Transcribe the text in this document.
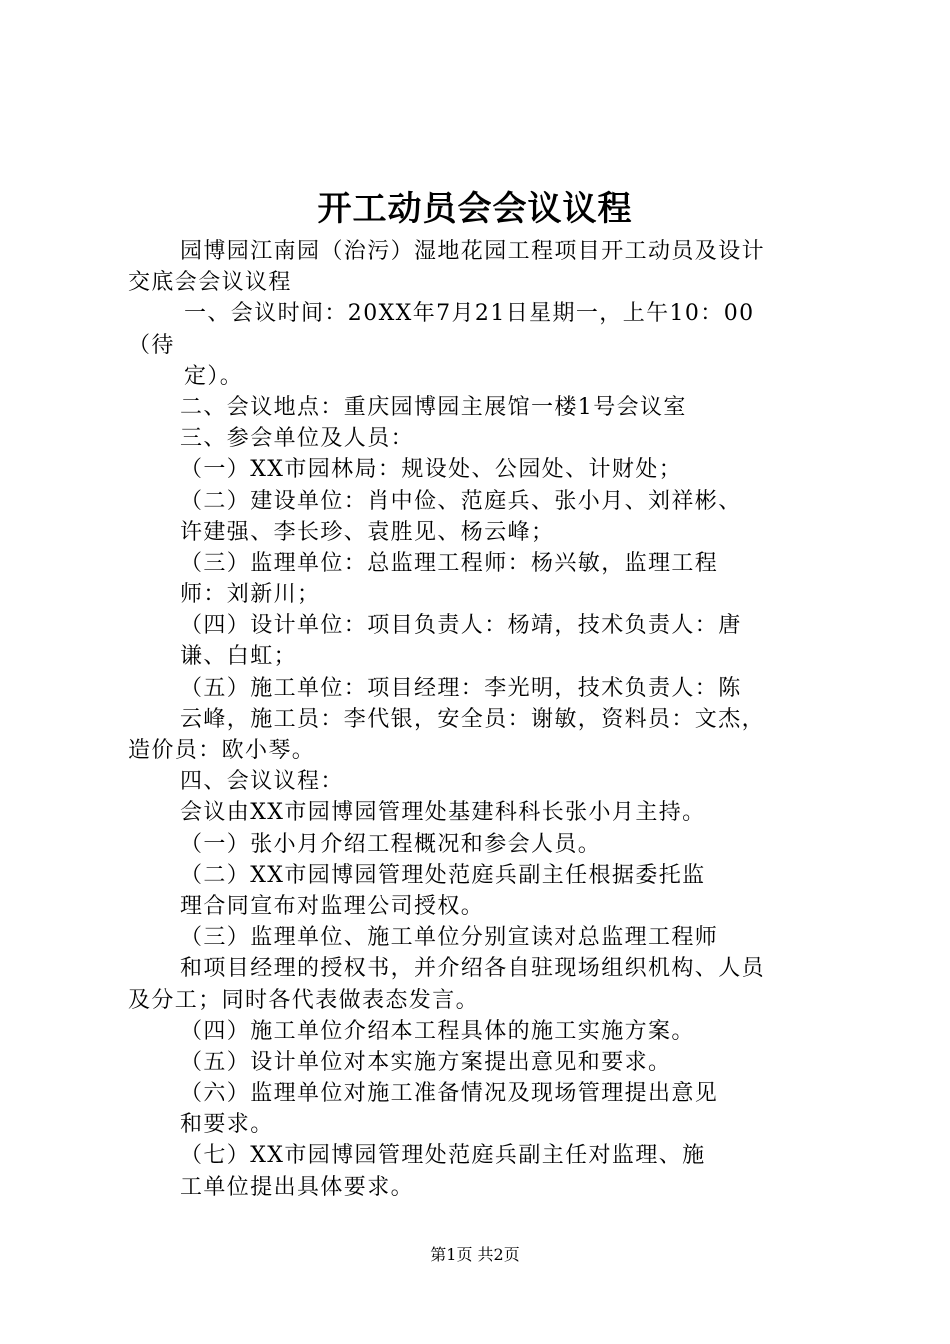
开工动员会会议议程
园博园江南园（治污）湿地花园工程项目开工动员及设计
交底会会议议程
一、会议时间：20XX年7月21日星期一，上午10：00
（待
定）。
二、会议地点：重庆园博园主展馆一楼1号会议室
三、参会单位及人员：
（一）XX市园林局：规设处、公园处、计财处；
（二）建设单位：肖中俭、范庭兵、张小月、刘祥彬、
许建强、李长珍、袁胜见、杨云峰；
（三）监理单位：总监理工程师：杨兴敏，监理工程
师：刘新川；
（四）设计单位：项目负责人：杨靖，技术负责人：唐
谦、白虹；
（五）施工单位：项目经理：李光明，技术负责人：陈
云峰，施工员：李代银，安全员：谢敏，资料员：文杰，
造价员：欧小琴。
四、会议议程：
会议由XX市园博园管理处基建科科长张小月主持。
（一）张小月介绍工程概况和参会人员。
（二）XX市园博园管理处范庭兵副主任根据委托监
理合同宣布对监理公司授权。
（三）监理单位、施工单位分别宣读对总监理工程师
和项目经理的授权书，并介绍各自驻现场组织机构、人员
及分工；同时各代表做表态发言。
（四）施工单位介绍本工程具体的施工实施方案。
（五）设计单位对本实施方案提出意见和要求。
（六）监理单位对施工准备情况及现场管理提出意见
和要求。
（七）XX市园博园管理处范庭兵副主任对监理、施
工单位提出具体要求。
第1页 共2页
